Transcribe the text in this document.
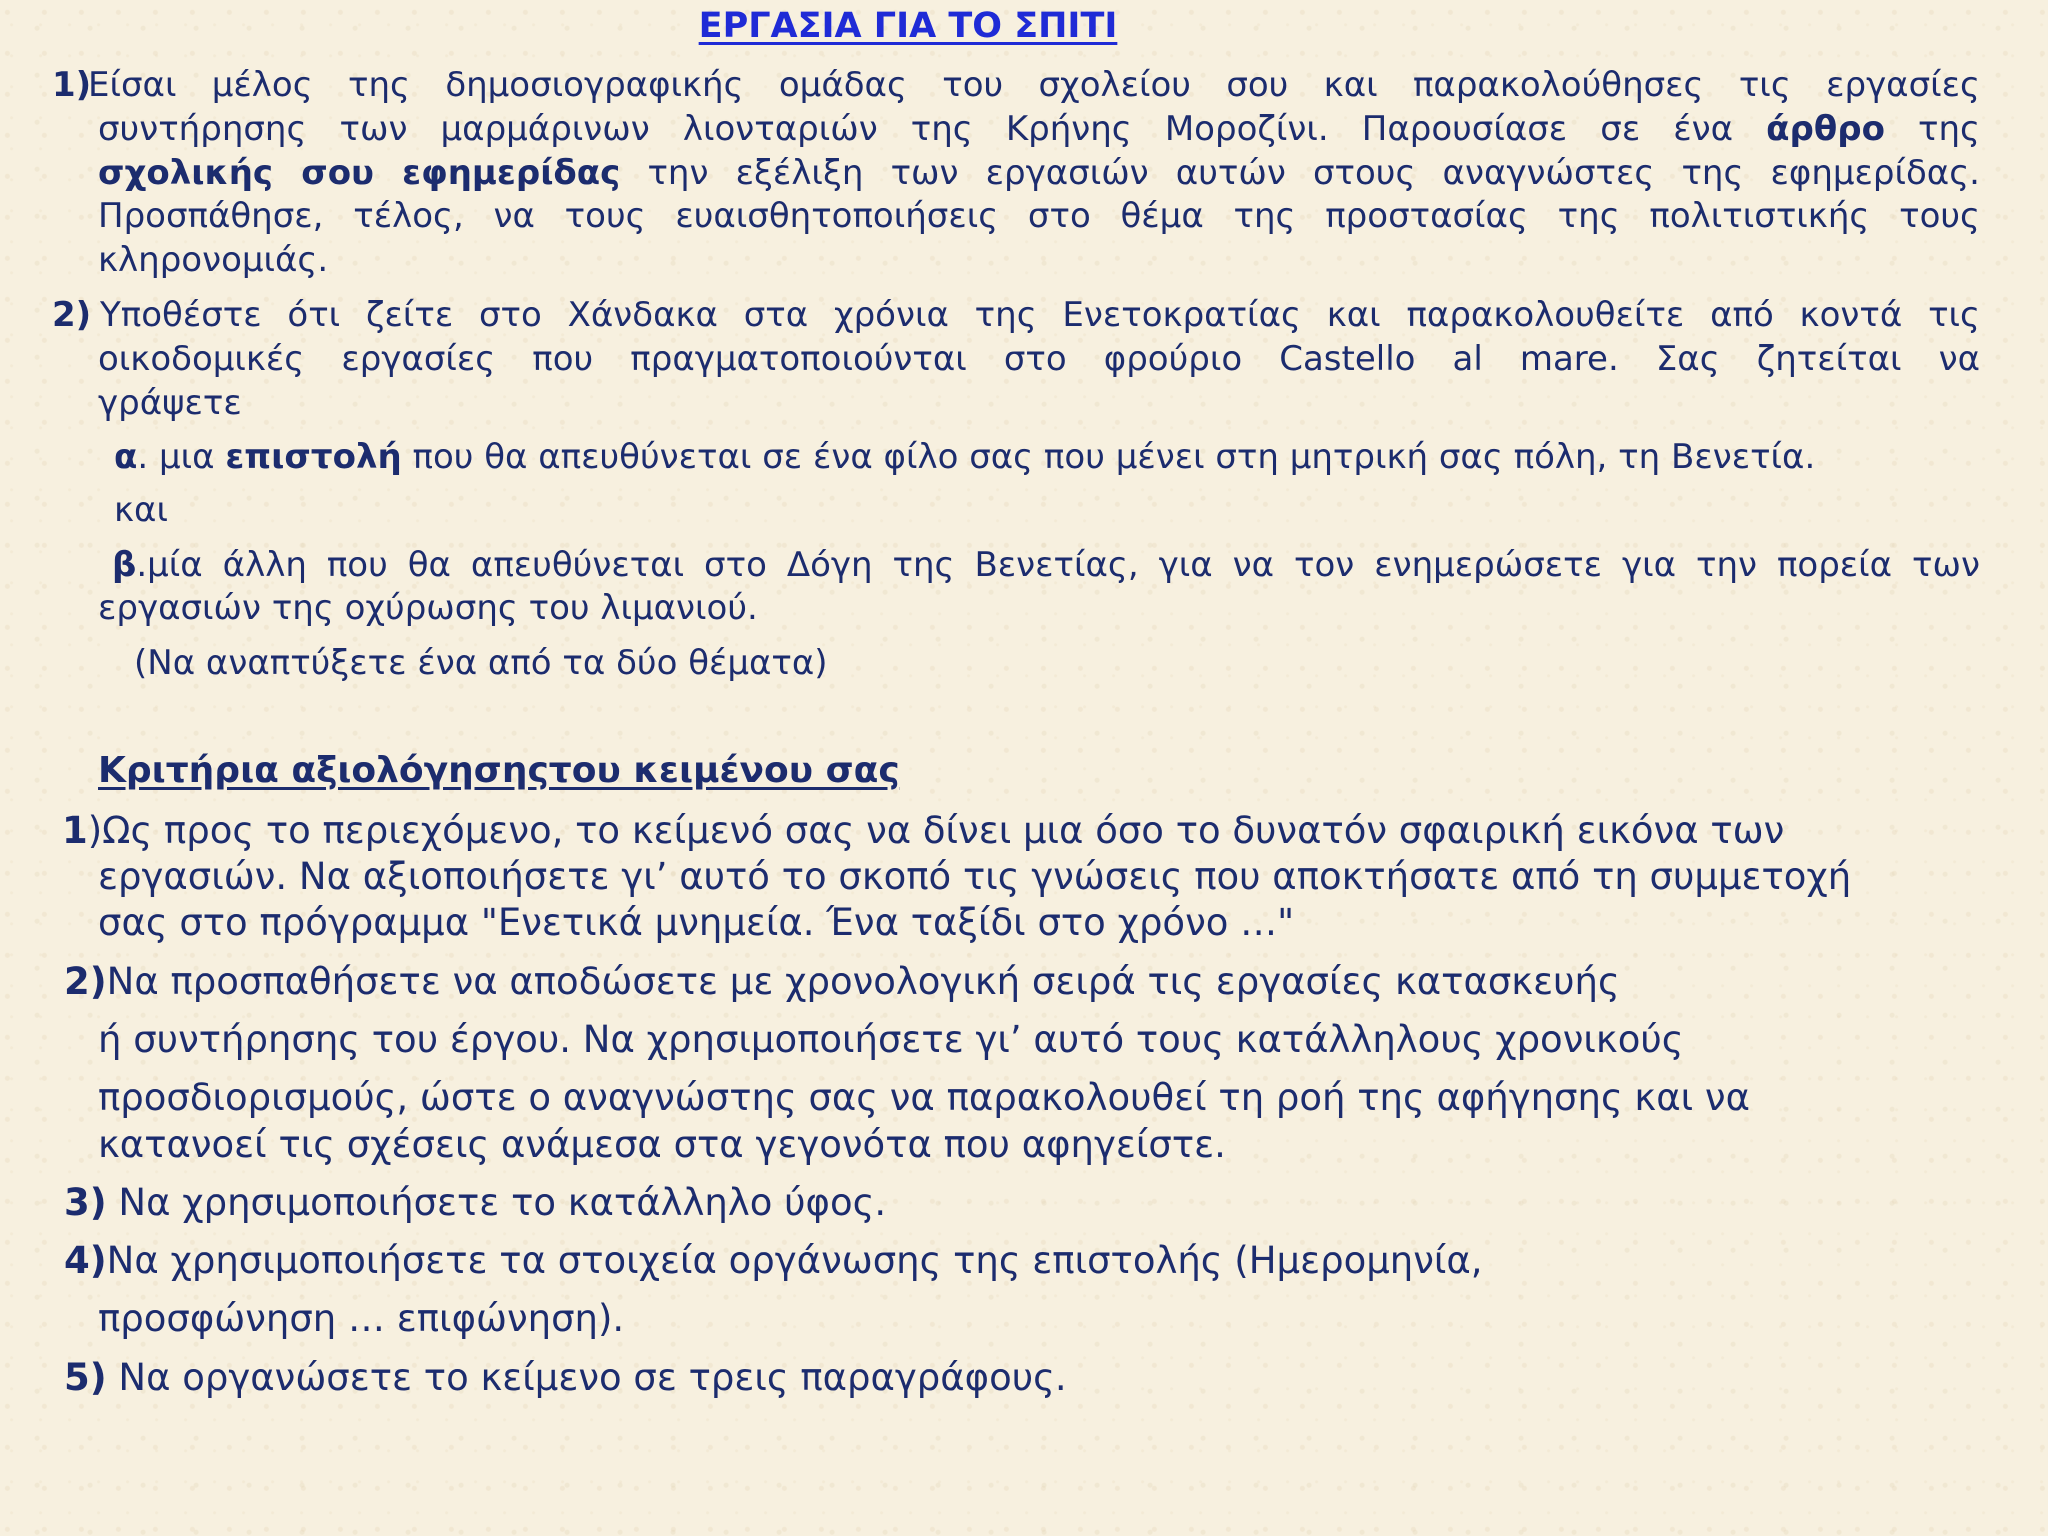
ΕΡΓΑΣΙΑ ΓΙΑ ΤΟ ΣΠΙΤΙ
1)
Είσαι μέλος της δημοσιογραφικής ομάδας του σχολείου σου και παρακολούθησες τις εργασίες
συντήρησης των μαρμάρινων λιονταριών της Κρήνης Μοροζίνι. Παρουσίασε σε ένα άρθρο της
σχολικής σου εφημερίδας την εξέλιξη των εργασιών αυτών στους αναγνώστες της εφημερίδας.
Προσπάθησε, τέλος, να τους ευαισθητοποιήσεις στο θέμα της προστασίας της πολιτιστικής τους
κληρονομιάς.
2) Υποθέστε ότι ζείτε στο Χάνδακα στα χρόνια της Ενετοκρατίας και παρακολουθείτε από κοντά τις
οικοδομικές εργασίες που πραγματοποιούνται στο φρούριο Castello al mare. Σας ζητείται να
γράψετε
α. μια επιστολή που θα απευθύνεται σε ένα φίλο σας που μένει στη μητρική σας πόλη, τη Βενετία.
και
β.μία άλλη που θα απευθύνεται στο Δόγη της Βενετίας, για να τον ενημερώσετε για την πορεία των
εργασιών της οχύρωσης του λιμανιού.
(Να αναπτύξετε ένα από τα δύο θέματα)
Κριτήρια αξιολόγησηςτου κειμένου σας
1)Ως προς το περιεχόμενο, το κείμενό σας να δίνει μια όσο το δυνατόν σφαιρική εικόνα των
εργασιών. Να αξιοποιήσετε γι’ αυτό το σκοπό τις γνώσεις που αποκτήσατε από τη συμμετοχή
σας στο πρόγραμμα "Ενετικά μνημεία. Ένα ταξίδι στο χρόνο …"
2)Να προσπαθήσετε να αποδώσετε με χρονολογική σειρά τις εργασίες κατασκευής
ή συντήρησης του έργου. Να χρησιμοποιήσετε γι’ αυτό τους κατάλληλους χρονικούς
προσδιορισμούς, ώστε ο αναγνώστης σας να παρακολουθεί τη ροή της αφήγησης και να
κατανοεί τις σχέσεις ανάμεσα στα γεγονότα που αφηγείστε.
3) Να χρησιμοποιήσετε το κατάλληλο ύφος.
4)Να χρησιμοποιήσετε τα στοιχεία οργάνωσης της επιστολής (Ημερομηνία,
προσφώνηση … επιφώνηση).
5) Να οργανώσετε το κείμενο σε τρεις παραγράφους.
